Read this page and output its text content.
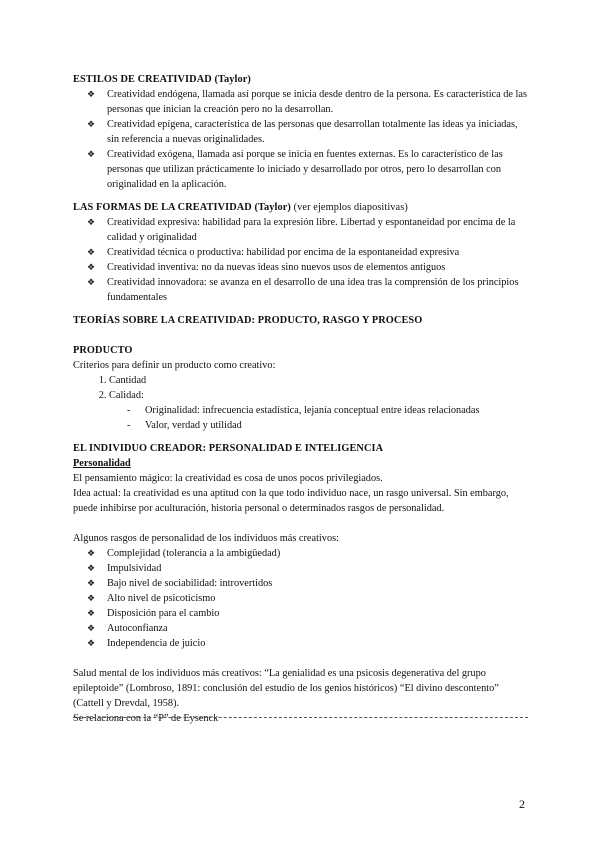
ESTILOS DE CREATIVIDAD (Taylor)
❖ Creatividad endógena, llamada así porque se inicia desde dentro de la persona. Es característica de las personas que inician la creación pero no la desarrollan.
❖ Creatividad epígena, característica de las personas que desarrollan totalmente las ideas ya iniciadas, sin referencia a nuevas originalidades.
❖ Creatividad exógena, llamada así porque se inicia en fuentes externas. Es lo característico de las personas que utilizan prácticamente lo iniciado y desarrollado por otros, pero lo desarrollan con originalidad en la aplicación.
LAS FORMAS DE LA CREATIVIDAD (Taylor) (ver ejemplos diapositivas)
❖ Creatividad expresiva: habilidad para la expresión libre. Libertad y espontaneidad por encima de la calidad y originalidad
❖ Creatividad técnica o productiva: habilidad por encima de la espontaneidad expresiva
❖ Creatividad inventiva: no da nuevas ideas sino nuevos usos de elementos antiguos
❖ Creatividad innovadora: se avanza en el desarrollo de una idea tras la comprensión de los principios fundamentales
TEORÍAS SOBRE LA CREATIVIDAD: PRODUCTO, RASGO Y PROCESO
PRODUCTO
Criterios para definir un producto como creativo:
1. Cantidad
2. Calidad:
- Originalidad: infrecuencia estadística, lejanía conceptual entre ideas relacionadas
- Valor, verdad y utilidad
EL INDIVIDUO CREADOR: PERSONALIDAD E INTELIGENCIA
Personalidad
El pensamiento mágico: la creatividad es cosa de unos pocos privilegiados.
Idea actual: la creatividad es una aptitud con la que todo individuo nace, un rasgo universal. Sin embargo, puede inhibirse por aculturación, historia personal o determinados rasgos de personalidad.
Algunos rasgos de personalidad de los individuos más creativos:
❖ Complejidad (tolerancia a la ambigüedad)
❖ Impulsividad
❖ Bajo nivel de sociabilidad: introvertidos
❖ Alto nivel de psicoticismo
❖ Disposición para el cambio
❖ Autoconfianza
❖ Independencia de juicio
Salud mental de los individuos más creativos: “La genialidad es una psicosis degenerativa del grupo epileptoide” (Lombroso, 1891: conclusión del estudio de los genios históricos) “El divino descontento” (Cattell y Drevdal, 1958).
Se relaciona con la “P” de Eysenck
2
